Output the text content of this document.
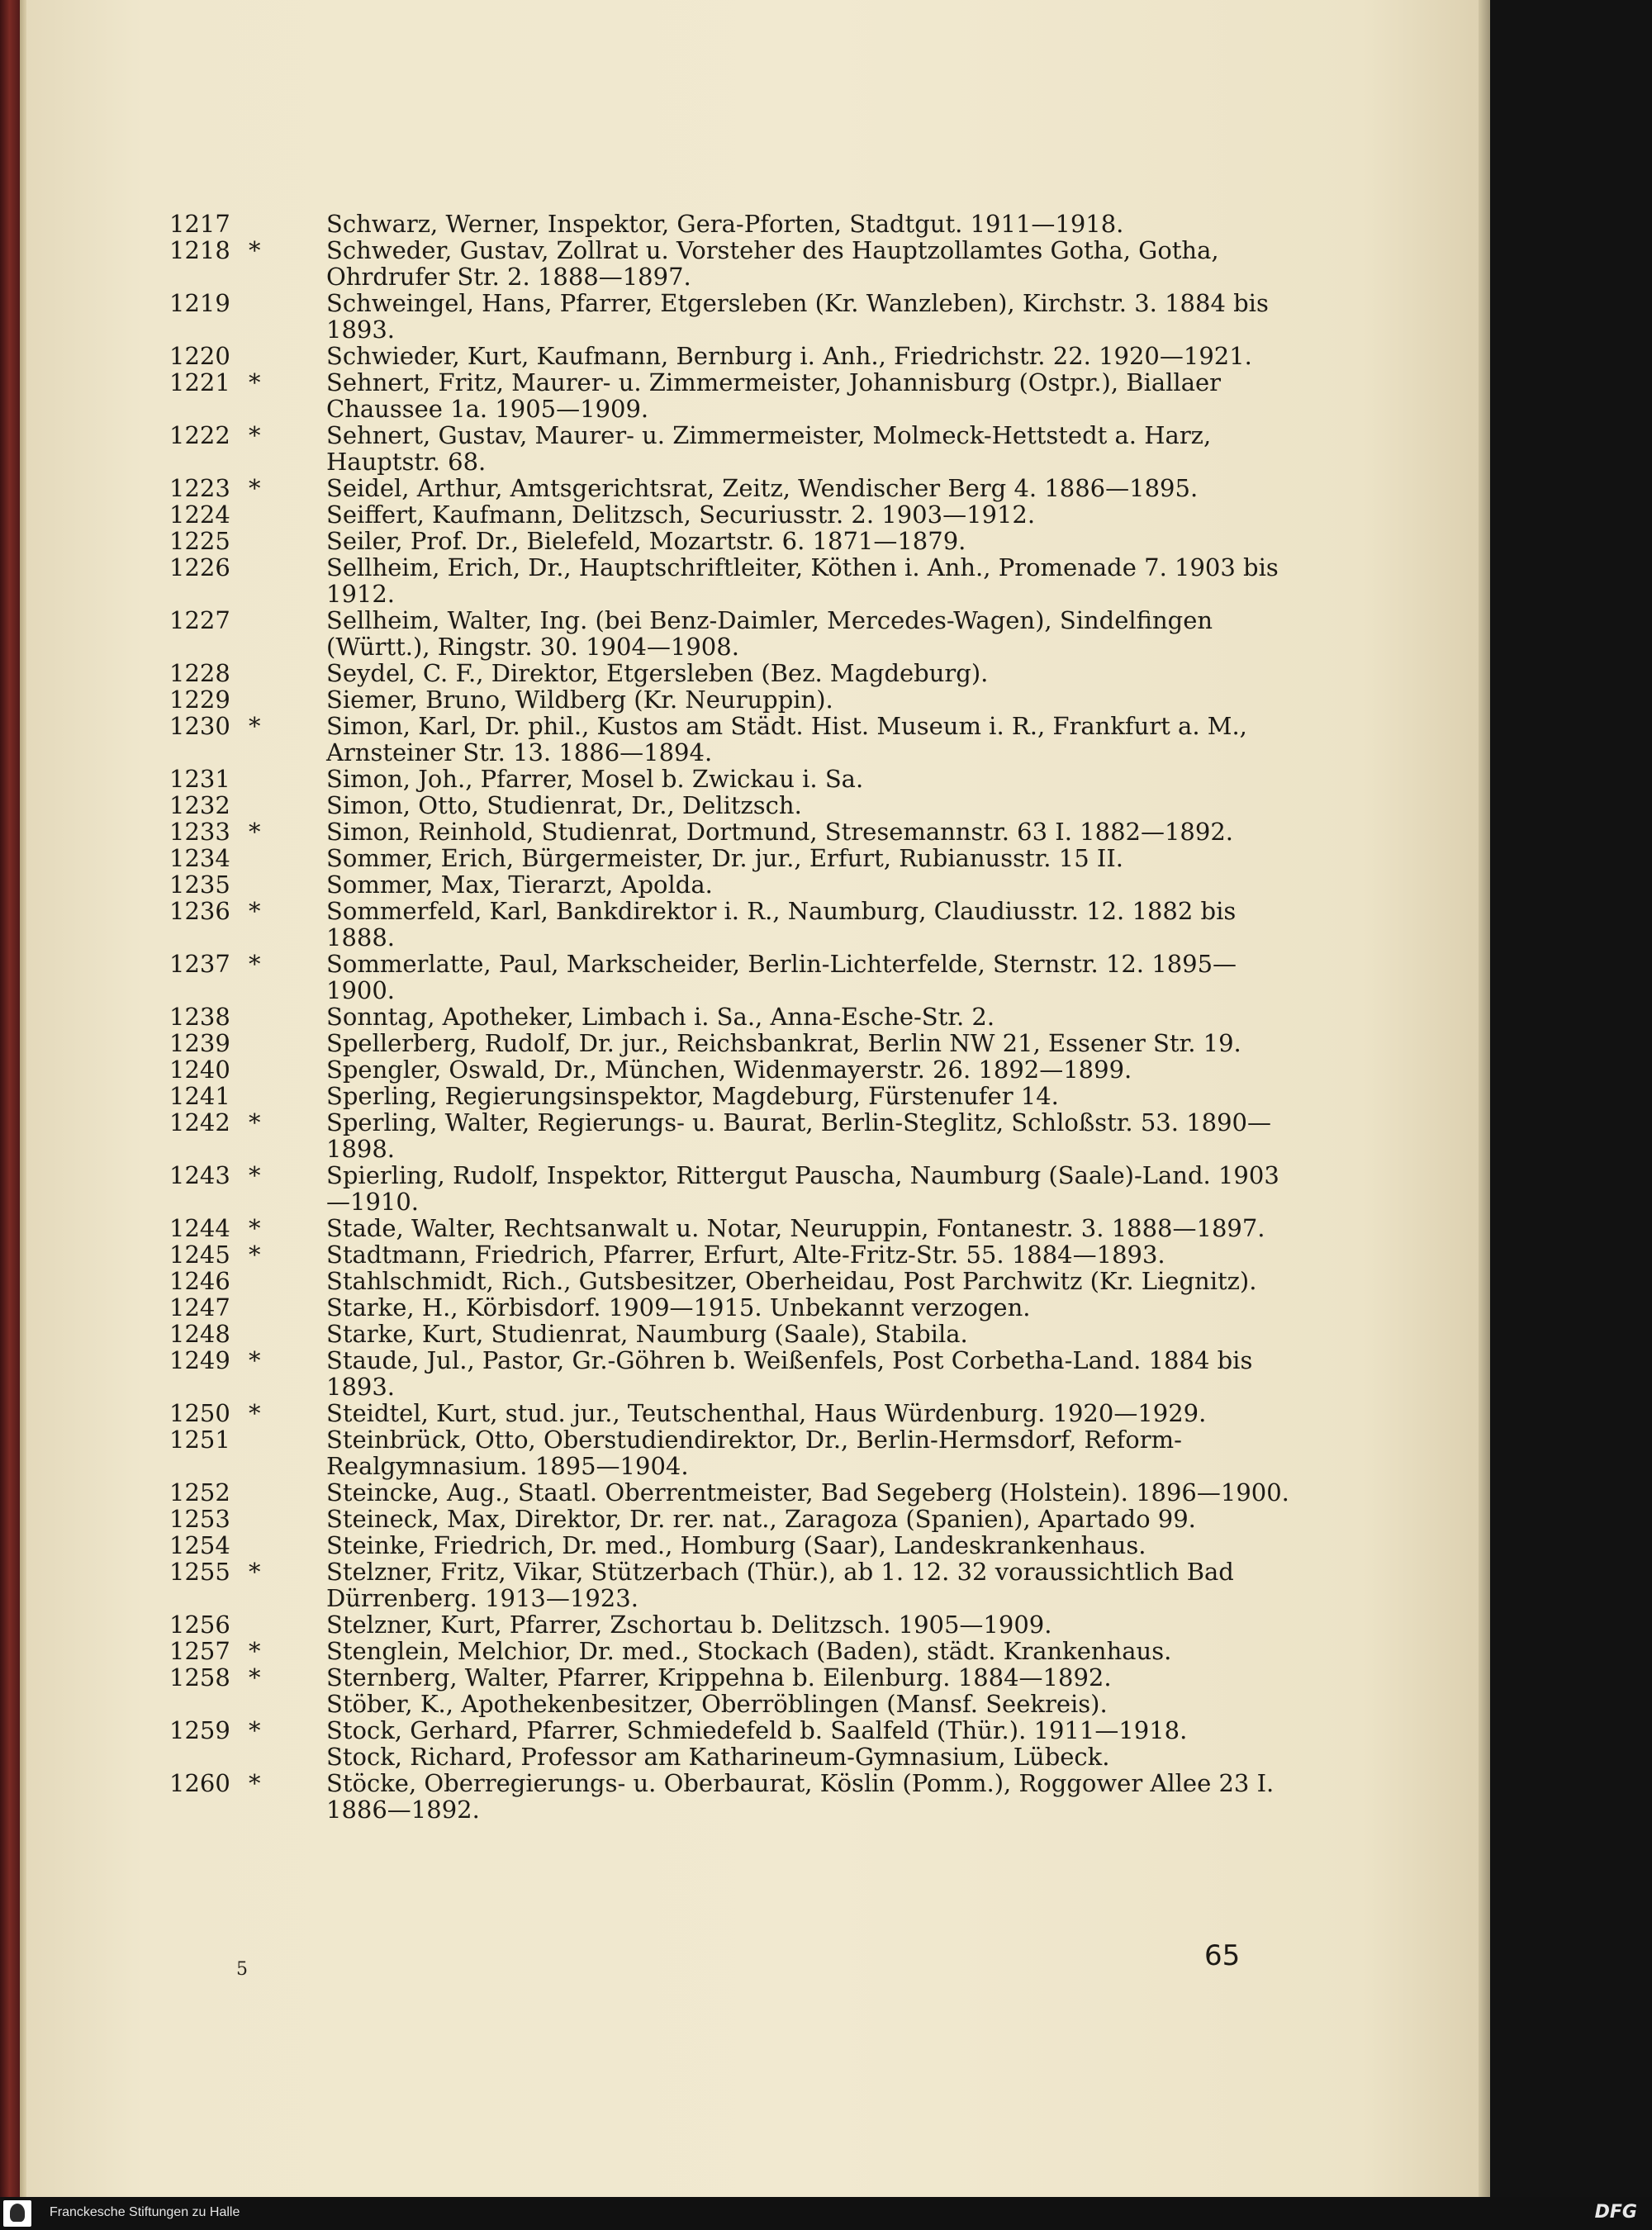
1217	Schwarz, Werner, Inspektor, Gera-Pforten, Stadtgut. 1911—1918.
1218 *	Schweder, Gustav, Zollrat u. Vorsteher des Hauptzollamtes Gotha, Gotha, Ohrdrufer Str. 2. 1888—1897.
1219	Schweingel, Hans, Pfarrer, Etgersleben (Kr. Wanzleben), Kirchstr. 3. 1884 bis 1893.
1220	Schwieder, Kurt, Kaufmann, Bernburg i. Anh., Friedrichstr. 22. 1920—1921.
1221 *	Sehnert, Fritz, Maurer- u. Zimmermeister, Johannisburg (Ostpr.), Biallaer Chaussee 1a. 1905—1909.
1222 *	Sehnert, Gustav, Maurer- u. Zimmermeister, Molmeck-Hettstedt a. Harz, Hauptstr. 68.
1223 *	Seidel, Arthur, Amtsgerichtsrat, Zeitz, Wendischer Berg 4. 1886—1895.
1224	Seiffert, Kaufmann, Delitzsch, Securiusstr. 2. 1903—1912.
1225	Seiler, Prof. Dr., Bielefeld, Mozartstr. 6. 1871—1879.
1226	Sellheim, Erich, Dr., Hauptschriftleiter, Köthen i. Anh., Promenade 7. 1903 bis 1912.
1227	Sellheim, Walter, Ing. (bei Benz-Daimler, Mercedes-Wagen), Sindelfingen (Württ.), Ringstr. 30. 1904—1908.
1228	Seydel, C. F., Direktor, Etgersleben (Bez. Magdeburg).
1229	Siemer, Bruno, Wildberg (Kr. Neuruppin).
1230 *	Simon, Karl, Dr. phil., Kustos am Städt. Hist. Museum i. R., Frankfurt a. M., Arnsteiner Str. 13. 1886—1894.
1231	Simon, Joh., Pfarrer, Mosel b. Zwickau i. Sa.
1232	Simon, Otto, Studienrat, Dr., Delitzsch.
1233 *	Simon, Reinhold, Studienrat, Dortmund, Stresemannstr. 63 I. 1882—1892.
1234	Sommer, Erich, Bürgermeister, Dr. jur., Erfurt, Rubianusstr. 15 II.
1235	Sommer, Max, Tierarzt, Apolda.
1236 *	Sommerfeld, Karl, Bankdirektor i. R., Naumburg, Claudiusstr. 12. 1882 bis 1888.
1237 *	Sommerlatte, Paul, Markscheider, Berlin-Lichterfelde, Sternstr. 12. 1895—1900.
1238	Sonntag, Apotheker, Limbach i. Sa., Anna-Esche-Str. 2.
1239	Spellerberg, Rudolf, Dr. jur., Reichsbankrat, Berlin NW 21, Essener Str. 19.
1240	Spengler, Oswald, Dr., München, Widenmayerstr. 26. 1892—1899.
1241	Sperling, Regierungsinspektor, Magdeburg, Fürstenufer 14.
1242 *	Sperling, Walter, Regierungs- u. Baurat, Berlin-Steglitz, Schloßstr. 53. 1890—1898.
1243 *	Spierling, Rudolf, Inspektor, Rittergut Pauscha, Naumburg (Saale)-Land. 1903—1910.
1244 *	Stade, Walter, Rechtsanwalt u. Notar, Neuruppin, Fontanestr. 3. 1888—1897.
1245 *	Stadtmann, Friedrich, Pfarrer, Erfurt, Alte-Fritz-Str. 55. 1884—1893.
1246	Stahlschmidt, Rich., Gutsbesitzer, Oberheidau, Post Parchwitz (Kr. Liegnitz).
1247	Starke, H., Körbisdorf. 1909—1915. Unbekannt verzogen.
1248	Starke, Kurt, Studienrat, Naumburg (Saale), Stabila.
1249 *	Staude, Jul., Pastor, Gr.-Göhren b. Weißenfels, Post Corbetha-Land. 1884 bis 1893.
1250 *	Steidtel, Kurt, stud. jur., Teutschenthal, Haus Würdenburg. 1920—1929.
1251	Steinbrück, Otto, Oberstudiendirektor, Dr., Berlin-Hermsdorf, Reform-Realgymnasium. 1895—1904.
1252	Steincke, Aug., Staatl. Oberrentmeister, Bad Segeberg (Holstein). 1896—1900.
1253	Steineck, Max, Direktor, Dr. rer. nat., Zaragoza (Spanien), Apartado 99.
1254	Steinke, Friedrich, Dr. med., Homburg (Saar), Landeskrankenhaus.
1255 *	Stelzner, Fritz, Vikar, Stützerbach (Thür.), ab 1. 12. 32 voraussichtlich Bad Dürrenberg. 1913—1923.
1256	Stelzner, Kurt, Pfarrer, Zschortau b. Delitzsch. 1905—1909.
1257 *	Stenglein, Melchior, Dr. med., Stockach (Baden), städt. Krankenhaus.
1258 *	Sternberg, Walter, Pfarrer, Krippehna b. Eilenburg. 1884—1892.
Stöber, K., Apothekenbesitzer, Oberröblingen (Mansf. Seekreis).
1259 *	Stock, Gerhard, Pfarrer, Schmiedefeld b. Saalfeld (Thür.). 1911—1918.
Stock, Richard, Professor am Katharineum-Gymnasium, Lübeck.
1260 *	Stöcke, Oberregierungs- u. Oberbaurat, Köslin (Pomm.), Roggower Allee 23 I. 1886—1892.
5	65
Franckesche Stiftungen zu Halle	DFG
